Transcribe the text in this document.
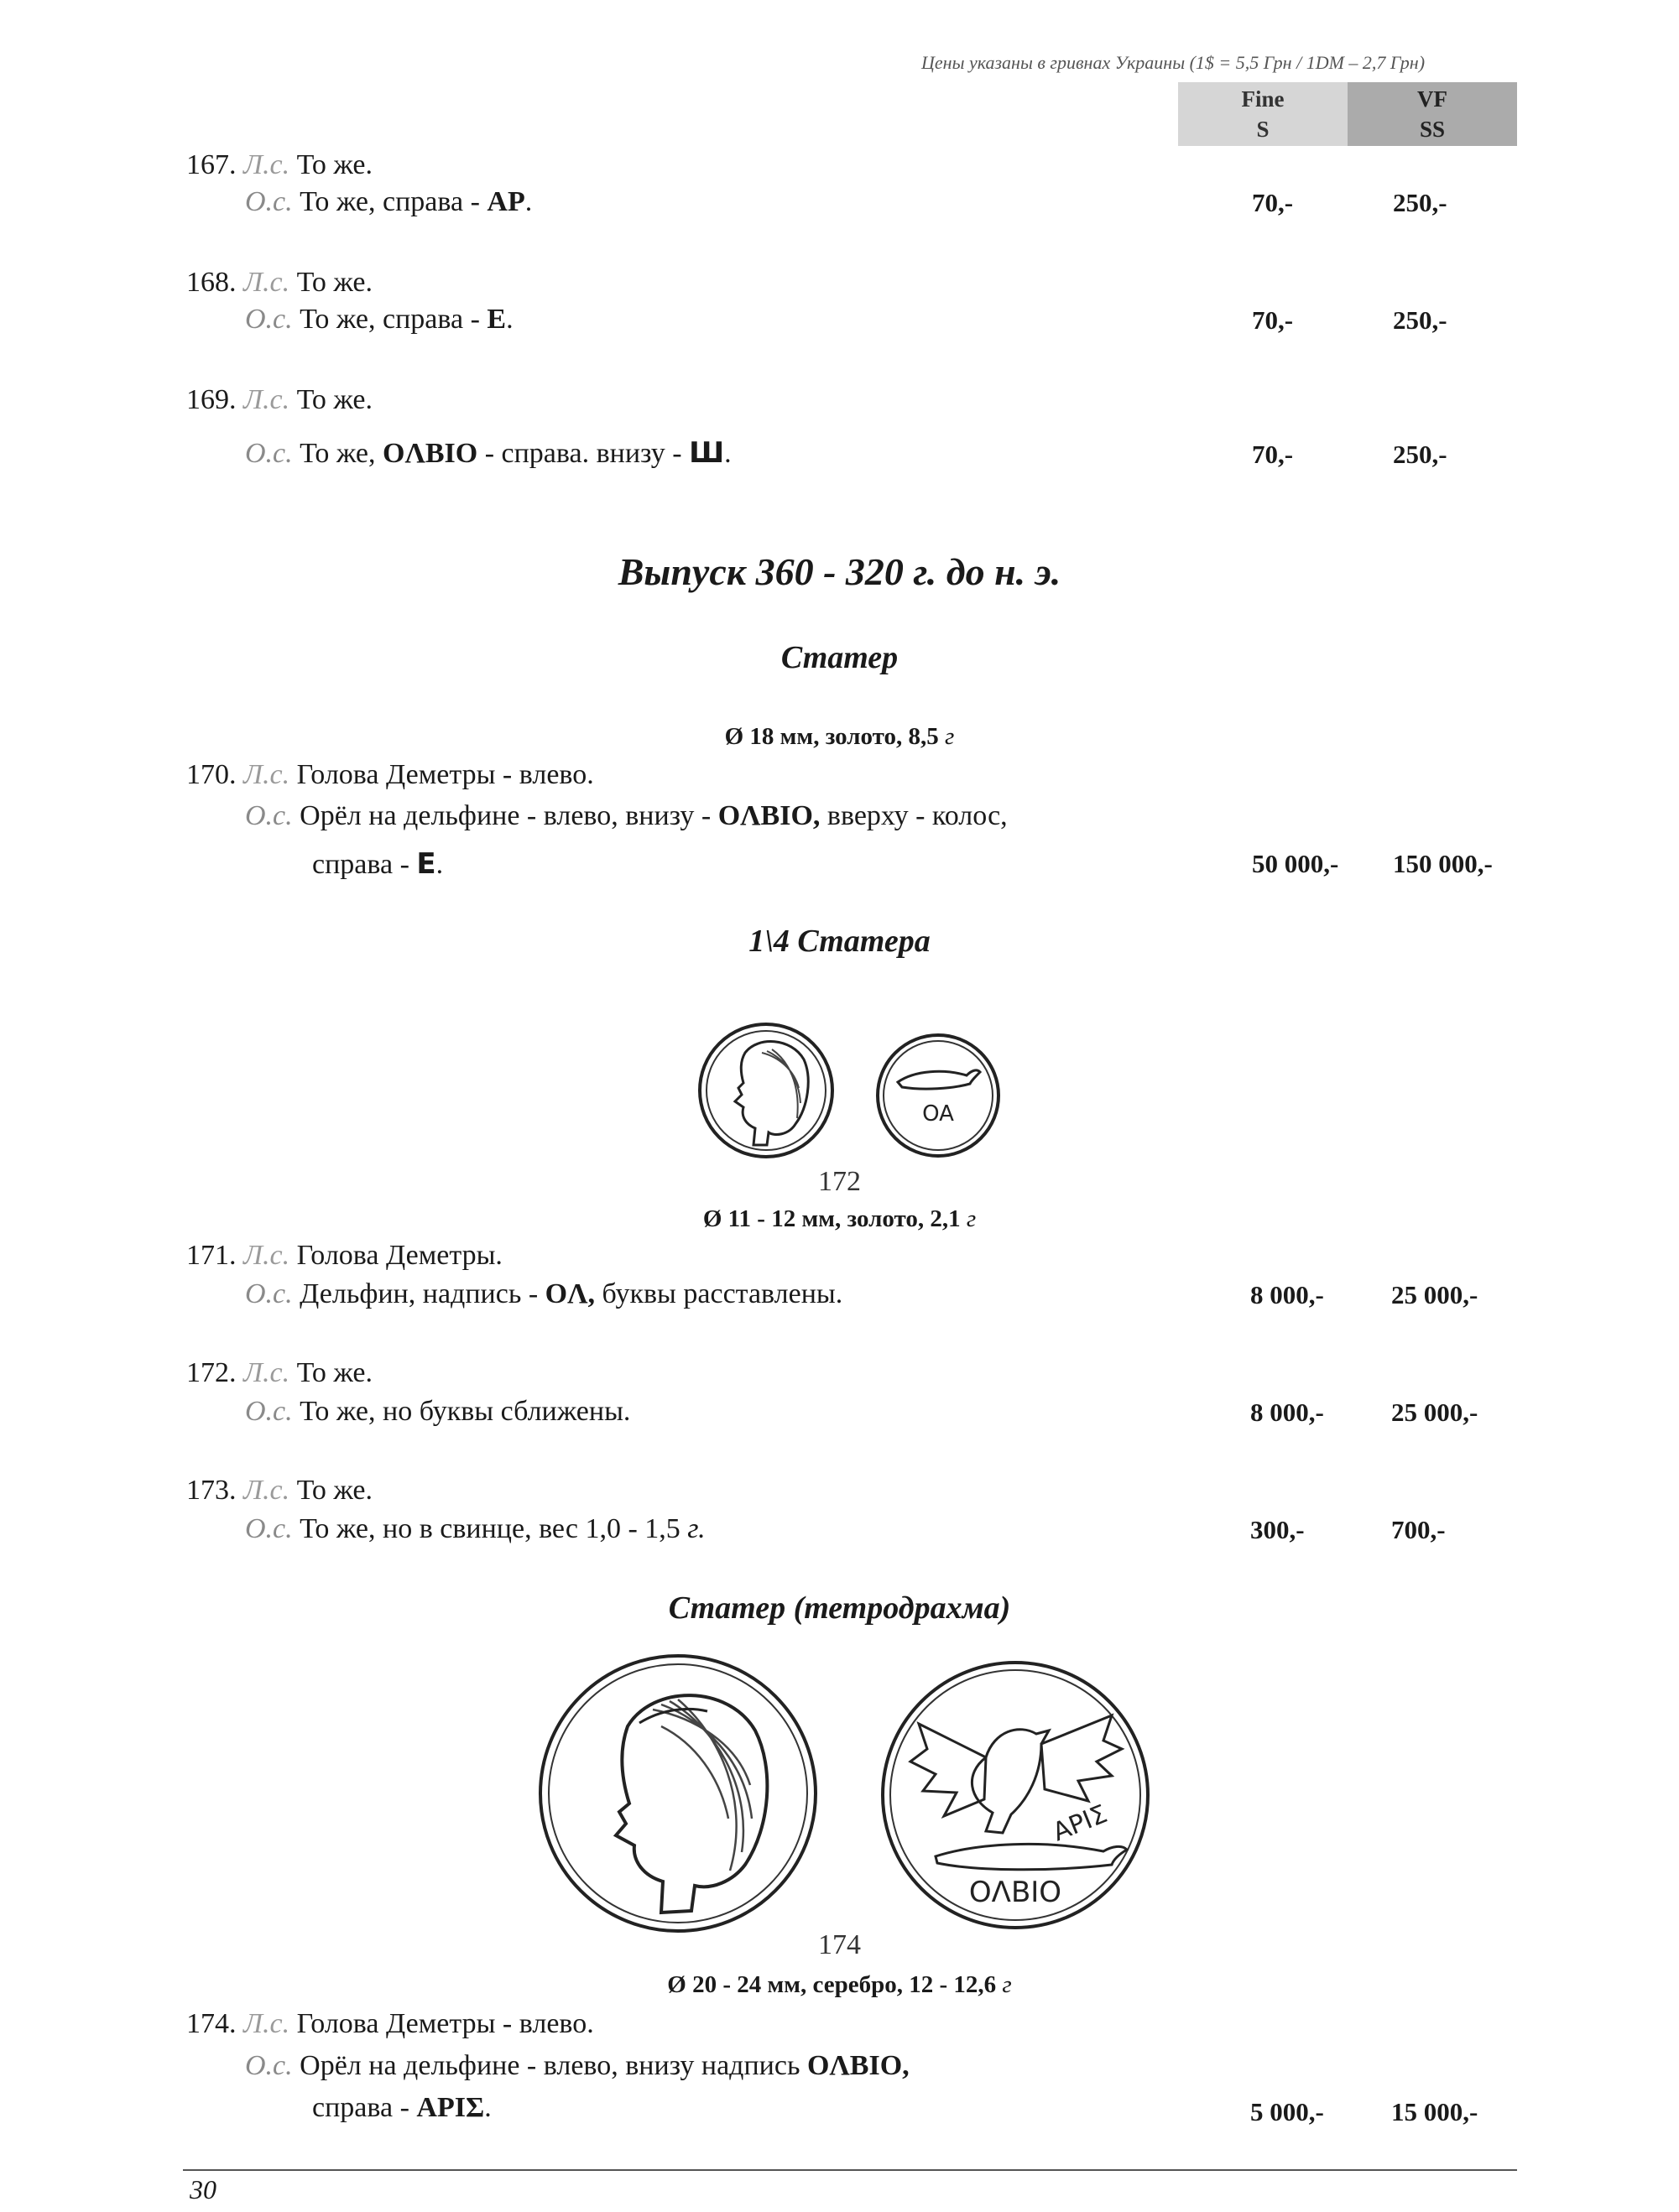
Цены указаны в гривнах Украины (1$ = 5,5 Грн / 1DM – 2,7 Грн)
Fine
S
VF
SS
167. Л.с. То же.
О.с. То же, справа - AP.	70,-	250,-
168. Л.с. То же.
О.с. То же, справа - E.	70,-	250,-
169. Л.с. То же.
О.с. То же, OΛBIO - справа. внизу - Ш.	70,-	250,-
Выпуск 360 - 320 г. до н. э.
Статер
Ø 18 мм, золото, 8,5 г
170. Л.с. Голова Деметры - влево.
О.с. Орёл на дельфине - влево, внизу - OΛBIO, вверху - колос,
справа - E.	50 000,- 150 000,-
1\4 Статера
OA
172
Ø 11 - 12 мм, золото, 2,1 г
171. Л.с. Голова Деметры.
О.с. Дельфин, надпись - OΛ, буквы расставлены.	8 000,-	25 000,-
172. Л.с. То же.
О.с. То же, но буквы сближены.	8 000,-	25 000,-
173. Л.с. То же.
О.с. То же, но в свинце, вес 1,0 - 1,5 г.	300,-	700,-
Статер (тетродрахма)
APIΣ
OΛBIO
174
Ø 20 - 24 мм, серебро, 12 - 12,6 г
174. Л.с. Голова Деметры - влево.
О.с. Орёл на дельфине - влево, внизу надпись OΛBIO,
справа - APIΣ.	5 000,-	15 000,-
30
